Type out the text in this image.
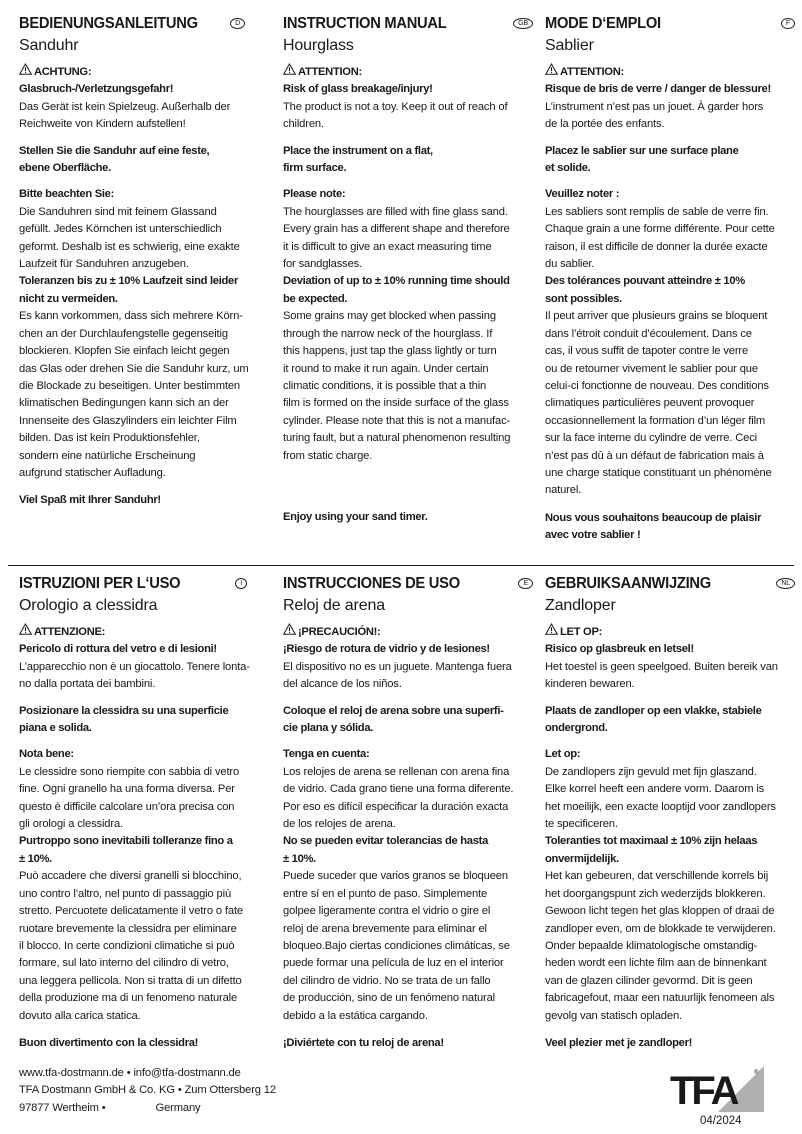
BEDIENUNGSANLEITUNG	D
Sanduhr
ACHTUNG:
Glasbruch-/Verletzungsgefahr!
Das Gerät ist kein Spielzeug. Außerhalb der
Reichweite von Kindern aufstellen!
Stellen Sie die Sanduhr auf eine feste,
ebene Oberfläche.
Bitte beachten Sie:
Die Sanduhren sind mit feinem Glassand
gefüllt. Jedes Körnchen ist unterschiedlich
geformt. Deshalb ist es schwierig, eine exakte
Laufzeit für Sanduhren anzugeben.
Toleranzen bis zu ± 10% Laufzeit sind leider
nicht zu vermeiden.
Es kann vorkommen, dass sich mehrere Körn-
chen an der Durchlaufengstelle gegenseitig
blockieren. Klopfen Sie einfach leicht gegen
das Glas oder drehen Sie die Sanduhr kurz, um
die Blockade zu beseitigen. Unter bestimmten
klimatischen Bedingungen kann sich an der
Innenseite des Glaszylinders ein leichter Film
bilden. Das ist kein Produktionsfehler,
sondern eine natürliche Erscheinung
aufgrund statischer Aufladung.
Viel Spaß mit Ihrer Sanduhr!
INSTRUCTION MANUAL	GB
Hourglass
ATTENTION:
Risk of glass breakage/injury!
The product is not a toy. Keep it out of reach of
children.
Place the instrument on a flat,
firm surface.
Please note:
The hourglasses are filled with fine glass sand.
Every grain has a different shape and therefore
it is difficult to give an exact measuring time
for sandglasses.
Deviation of up to ± 10% running time should
be expected.
Some grains may get blocked when passing
through the narrow neck of the hourglass. If
this happens, just tap the glass lightly or turn
it round to make it run again. Under certain
climatic conditions, it is possible that a thin
film is formed on the inside surface of the glass
cylinder. Please note that this is not a manufac-
turing fault, but a natural phenomenon resulting
from static charge.
Enjoy using your sand timer.
MODE D‘EMPLOI	F
Sablier
ATTENTION:
Risque de bris de verre / danger de blessure!
L’instrument n’est pas un jouet. À garder hors
de la portée des enfants.
Placez le sablier sur une surface plane
et solide.
Veuillez noter :
Les sabliers sont remplis de sable de verre fin.
Chaque grain a une forme différente. Pour cette
raison, il est difficile de donner la durée exacte
du sablier.
Des tolérances pouvant atteindre ± 10%
sont possibles.
Il peut arriver que plusieurs grains se bloquent
dans l’étroit conduit d’écoulement. Dans ce
cas, il vous suffit de tapoter contre le verre
ou de retourner vivement le sablier pour que
celui-ci fonctionne de nouveau. Des conditions
climatiques particulières peuvent provoquer
occasionnellement la formation d’un léger film
sur la face interne du cylindre de verre. Ceci
n’est pas dû à un défaut de fabrication mais à
une charge statique constituant un phénomène
naturel.
Nous vous souhaitons beaucoup de plaisir
avec votre sablier !
ISTRUZIONI PER L‘USO	I
Orologio a clessidra
ATTENZIONE:
Pericolo di rottura del vetro e di lesioni!
L’apparecchio non è un giocattolo. Tenere lonta-
no dalla portata dei bambini.
Posizionare la clessidra su una superficie
piana e solida.
Nota bene:
Le clessidre sono riempite con sabbia di vetro
fine. Ogni granello ha una forma diversa. Per
questo è difficile calcolare un’ora precisa con
gli orologi a clessidra.
Purtroppo sono inevitabili tolleranze fino a
± 10%.
Può accadere che diversi granelli si blocchino,
uno contro l’altro, nel punto di passaggio più
stretto. Percuotete delicatamente il vetro o fate
ruotare brevemente la clessidra per eliminare
il blocco. In certe condizioni climatiche si può
formare, sul lato interno del cilindro di vetro,
una leggera pellicola. Non si tratta di un difetto
della produzione ma di un fenomeno naturale
dovuto alla carica statica.
Buon divertimento con la clessidra!
INSTRUCCIONES DE USO	E
Reloj de arena
¡PRECAUCIÓN!:
¡Riesgo de rotura de vidrio y de lesiones!
El dispositivo no es un juguete. Mantenga fuera
del alcance de los niños.
Coloque el reloj de arena sobre una superfi-
cie plana y sólida.
Tenga en cuenta:
Los relojes de arena se rellenan con arena fina
de vidrio. Cada grano tiene una forma diferente.
Por eso es difícil especificar la duración exacta
de los relojes de arena.
No se pueden evitar tolerancias de hasta
± 10%.
Puede suceder que varios granos se bloqueen
entre sí en el punto de paso. Simplemente
golpee ligeramente contra el vidrio o gire el
reloj de arena brevemente para eliminar el
bloqueo.Bajo ciertas condiciones climáticas, se
puede formar una película de luz en el interior
del cilindro de vidrio. No se trata de un fallo
de producción, sino de un fenómeno natural
debido a la estática cargando.
¡Diviértete con tu reloj de arena!
GEBRUIKSAANWIJZING	NL
Zandloper
LET OP:
Risico op glasbreuk en letsel!
Het toestel is geen speelgoed. Buiten bereik van
kinderen bewaren.
Plaats de zandloper op een vlakke, stabiele
ondergrond.
Let op:
De zandlopers zijn gevuld met fijn glaszand.
Elke korrel heeft een andere vorm. Daarom is
het moeilijk, een exacte looptijd voor zandlopers
te specificeren.
Toleranties tot maximaal ± 10% zijn helaas
onvermijdelijk.
Het kan gebeuren, dat verschillende korrels bij
het doorgangspunt zich wederzijds blokkeren.
Gewoon licht tegen het glas kloppen of draai de
zandloper even, om de blokkade te verwijderen.
Onder bepaalde klimatologische omstandig-
heden wordt een lichte film aan de binnenkant
van de glazen cilinder gevormd. Dit is geen
fabricagefout, maar een natuurlijk fenomeen als
gevolg van statisch opladen.
Veel plezier met je zandloper!
www.tfa-dostmann.de • info@tfa-dostmann.de
TFA Dostmann GmbH & Co. KG • Zum Ottersberg 12
97877 Wertheim •	Germany	TFA	®
04/2024
